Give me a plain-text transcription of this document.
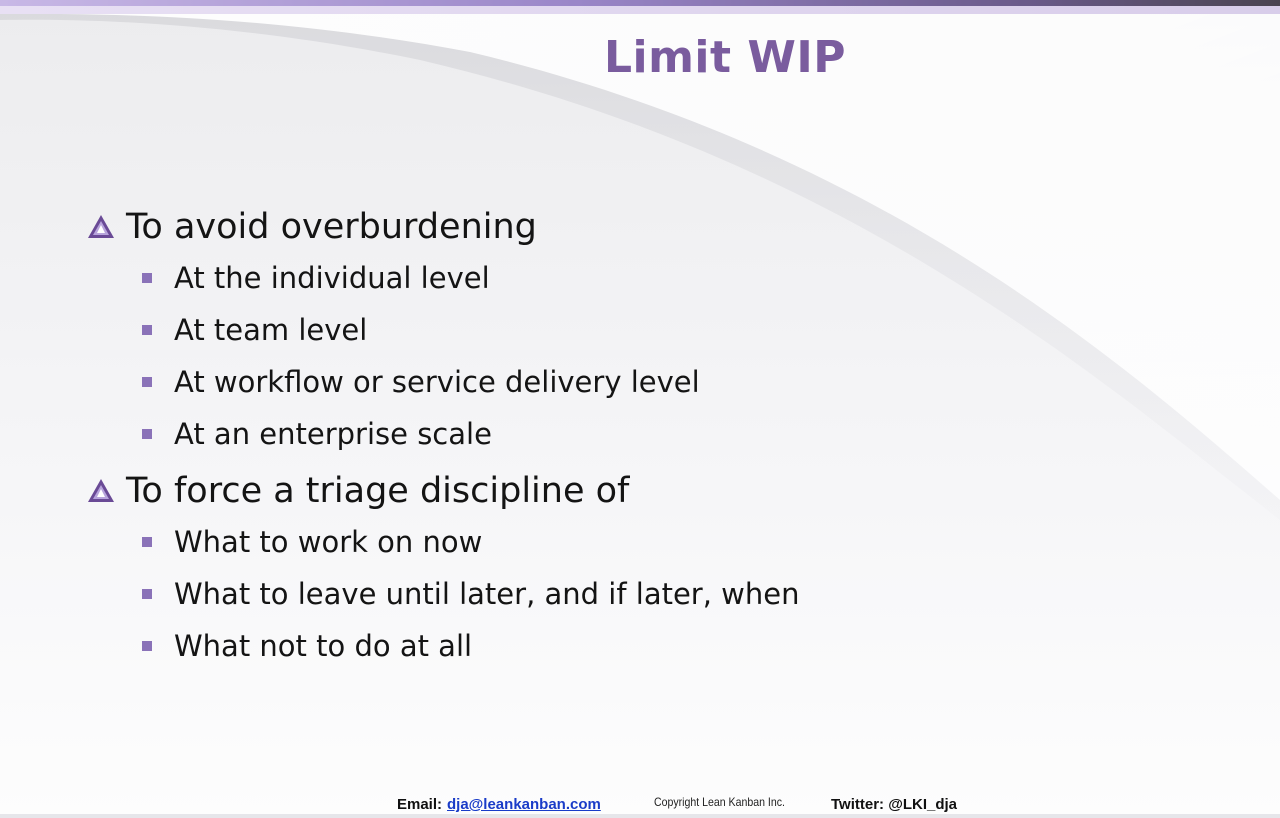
Limit WIP
To avoid overburdening
At the individual level
At team level
At workflow or service delivery level
At an enterprise scale
To force a triage discipline of
What to work on now
What to leave until later, and if later, when
What not to do at all
Email: dja@leankanban.com	Copyright Lean Kanban Inc.	Twitter: @LKI_dja
